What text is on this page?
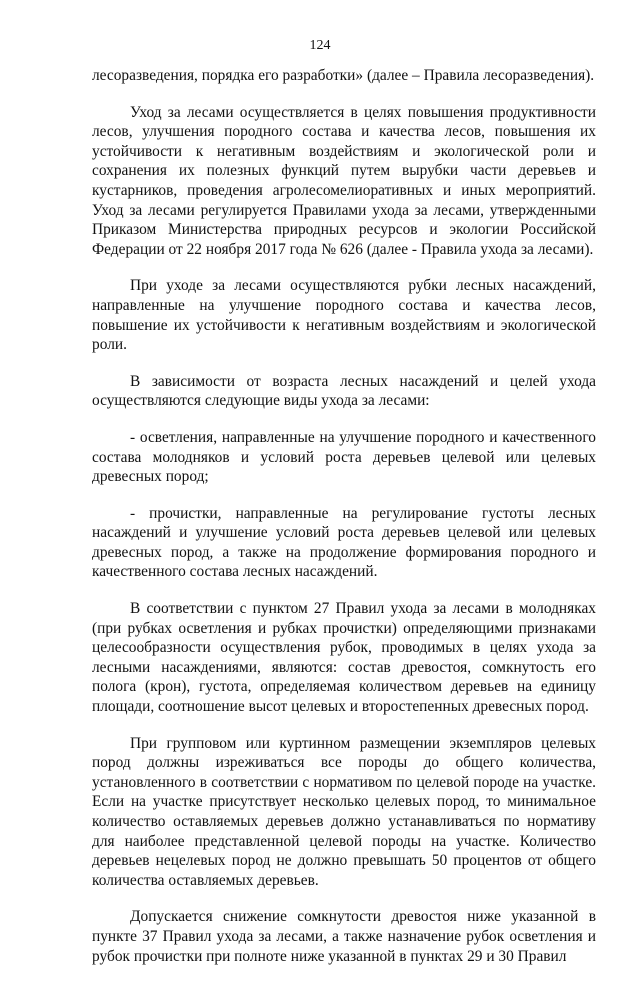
124

лесоразведения, порядка его разработки» (далее – Правила лесоразведения).

Уход за лесами осуществляется в целях повышения продуктивности лесов, улучшения породного состава и качества лесов, повышения их устойчивости к негативным воздействиям и экологической роли и сохранения их полезных функций путем вырубки части деревьев и кустарников, проведения агролесомелиоративных и иных мероприятий. Уход за лесами регулируется Правилами ухода за лесами, утвержденными Приказом Министерства природных ресурсов и экологии Российской Федерации от 22 ноября 2017 года № 626 (далее - Правила ухода за лесами).

При уходе за лесами осуществляются рубки лесных насаждений, направленные на улучшение породного состава и качества лесов, повышение их устойчивости к негативным воздействиям и экологической роли.

В зависимости от возраста лесных насаждений и целей ухода осуществляются следующие виды ухода за лесами:

- осветления, направленные на улучшение породного и качественного состава молодняков и условий роста деревьев целевой или целевых древесных пород;

- прочистки, направленные на регулирование густоты лесных насаждений и улучшение условий роста деревьев целевой или целевых древесных пород, а также на продолжение формирования породного и качественного состава лесных насаждений.

В соответствии с пунктом 27 Правил ухода за лесами в молодняках (при рубках осветления и рубках прочистки) определяющими признаками целесообразности осуществления рубок, проводимых в целях ухода за лесными насаждениями, являются: состав древостоя, сомкнутость его полога (крон), густота, определяемая количеством деревьев на единицу площади, соотношение высот целевых и второстепенных древесных пород.

При групповом или куртинном размещении экземпляров целевых пород должны изреживаться все породы до общего количества, установленного в соответствии с нормативом по целевой породе на участке. Если на участке присутствует несколько целевых пород, то минимальное количество оставляемых деревьев должно устанавливаться по нормативу для наиболее представленной целевой породы на участке. Количество деревьев нецелевых пород не должно превышать 50 процентов от общего количества оставляемых деревьев.

Допускается снижение сомкнутости древостоя ниже указанной в пункте 37 Правил ухода за лесами, а также назначение рубок осветления и рубок прочистки при полноте ниже указанной в пунктах 29 и 30 Правил
